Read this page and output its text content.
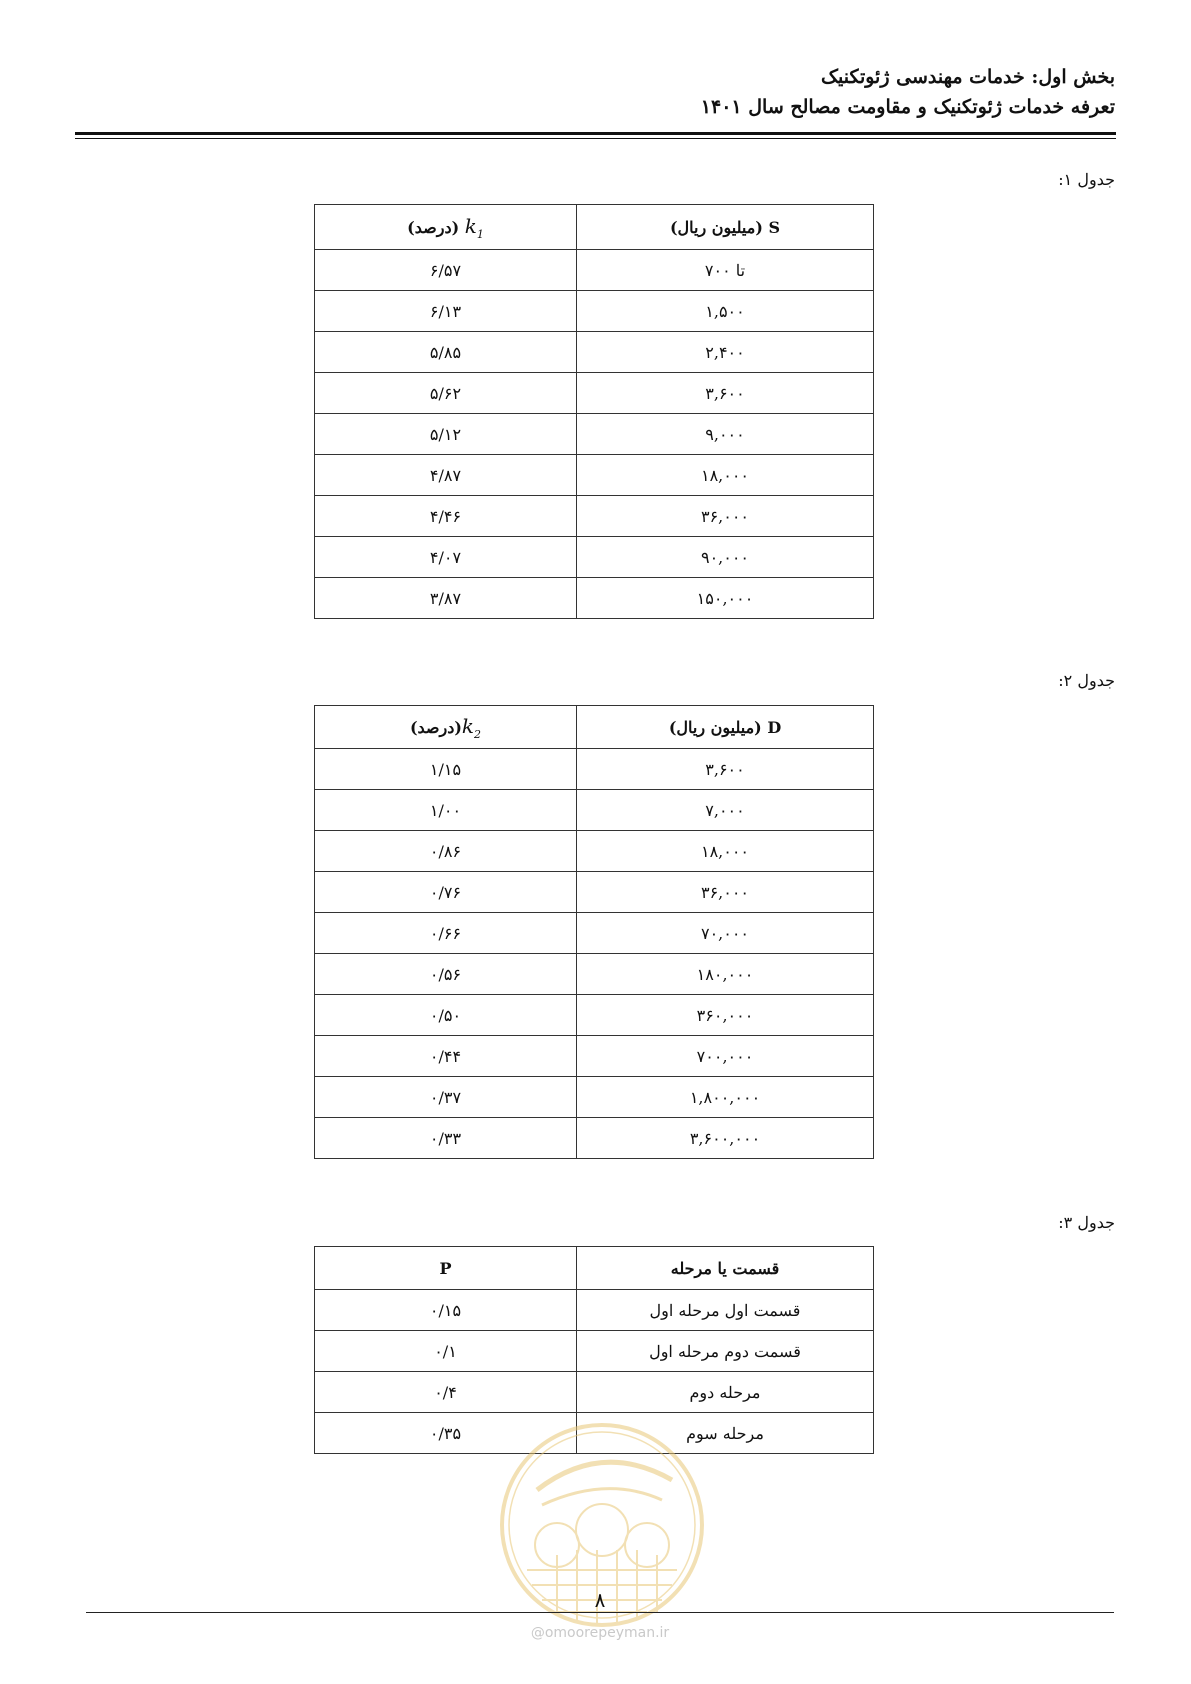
بخش اول: خدمات مهندسی ژئوتکنیک
تعرفه خدمات ژئوتکنیک و مقاومت مصالح سال ۱۴۰۱
جدول ۱:
S (میلیون ریال)	$k_1$ (درصد)
تا ۷۰۰	۶/۵۷
۱,۵۰۰	۶/۱۳
۲,۴۰۰	۵/۸۵
۳,۶۰۰	۵/۶۲
۹,۰۰۰	۵/۱۲
۱۸,۰۰۰	۴/۸۷
۳۶,۰۰۰	۴/۴۶
۹۰,۰۰۰	۴/۰۷
۱۵۰,۰۰۰	۳/۸۷
جدول ۲:
D (میلیون ریال)	$k_2(درصد)$
۳,۶۰۰	۱/۱۵
۷,۰۰۰	۱/۰۰
۱۸,۰۰۰	۰/۸۶
۳۶,۰۰۰	۰/۷۶
۷۰,۰۰۰	۰/۶۶
۱۸۰,۰۰۰	۰/۵۶
۳۶۰,۰۰۰	۰/۵۰
۷۰۰,۰۰۰	۰/۴۴
۱,۸۰۰,۰۰۰	۰/۳۷
۳,۶۰۰,۰۰۰	۰/۳۳
جدول ۳:
قسمت یا مرحله	P
قسمت اول مرحله اول	۰/۱۵
قسمت دوم مرحله اول	۰/۱
مرحله دوم	۰/۴
مرحله سوم	۰/۳۵
@omoorepeyman.ir
۸
